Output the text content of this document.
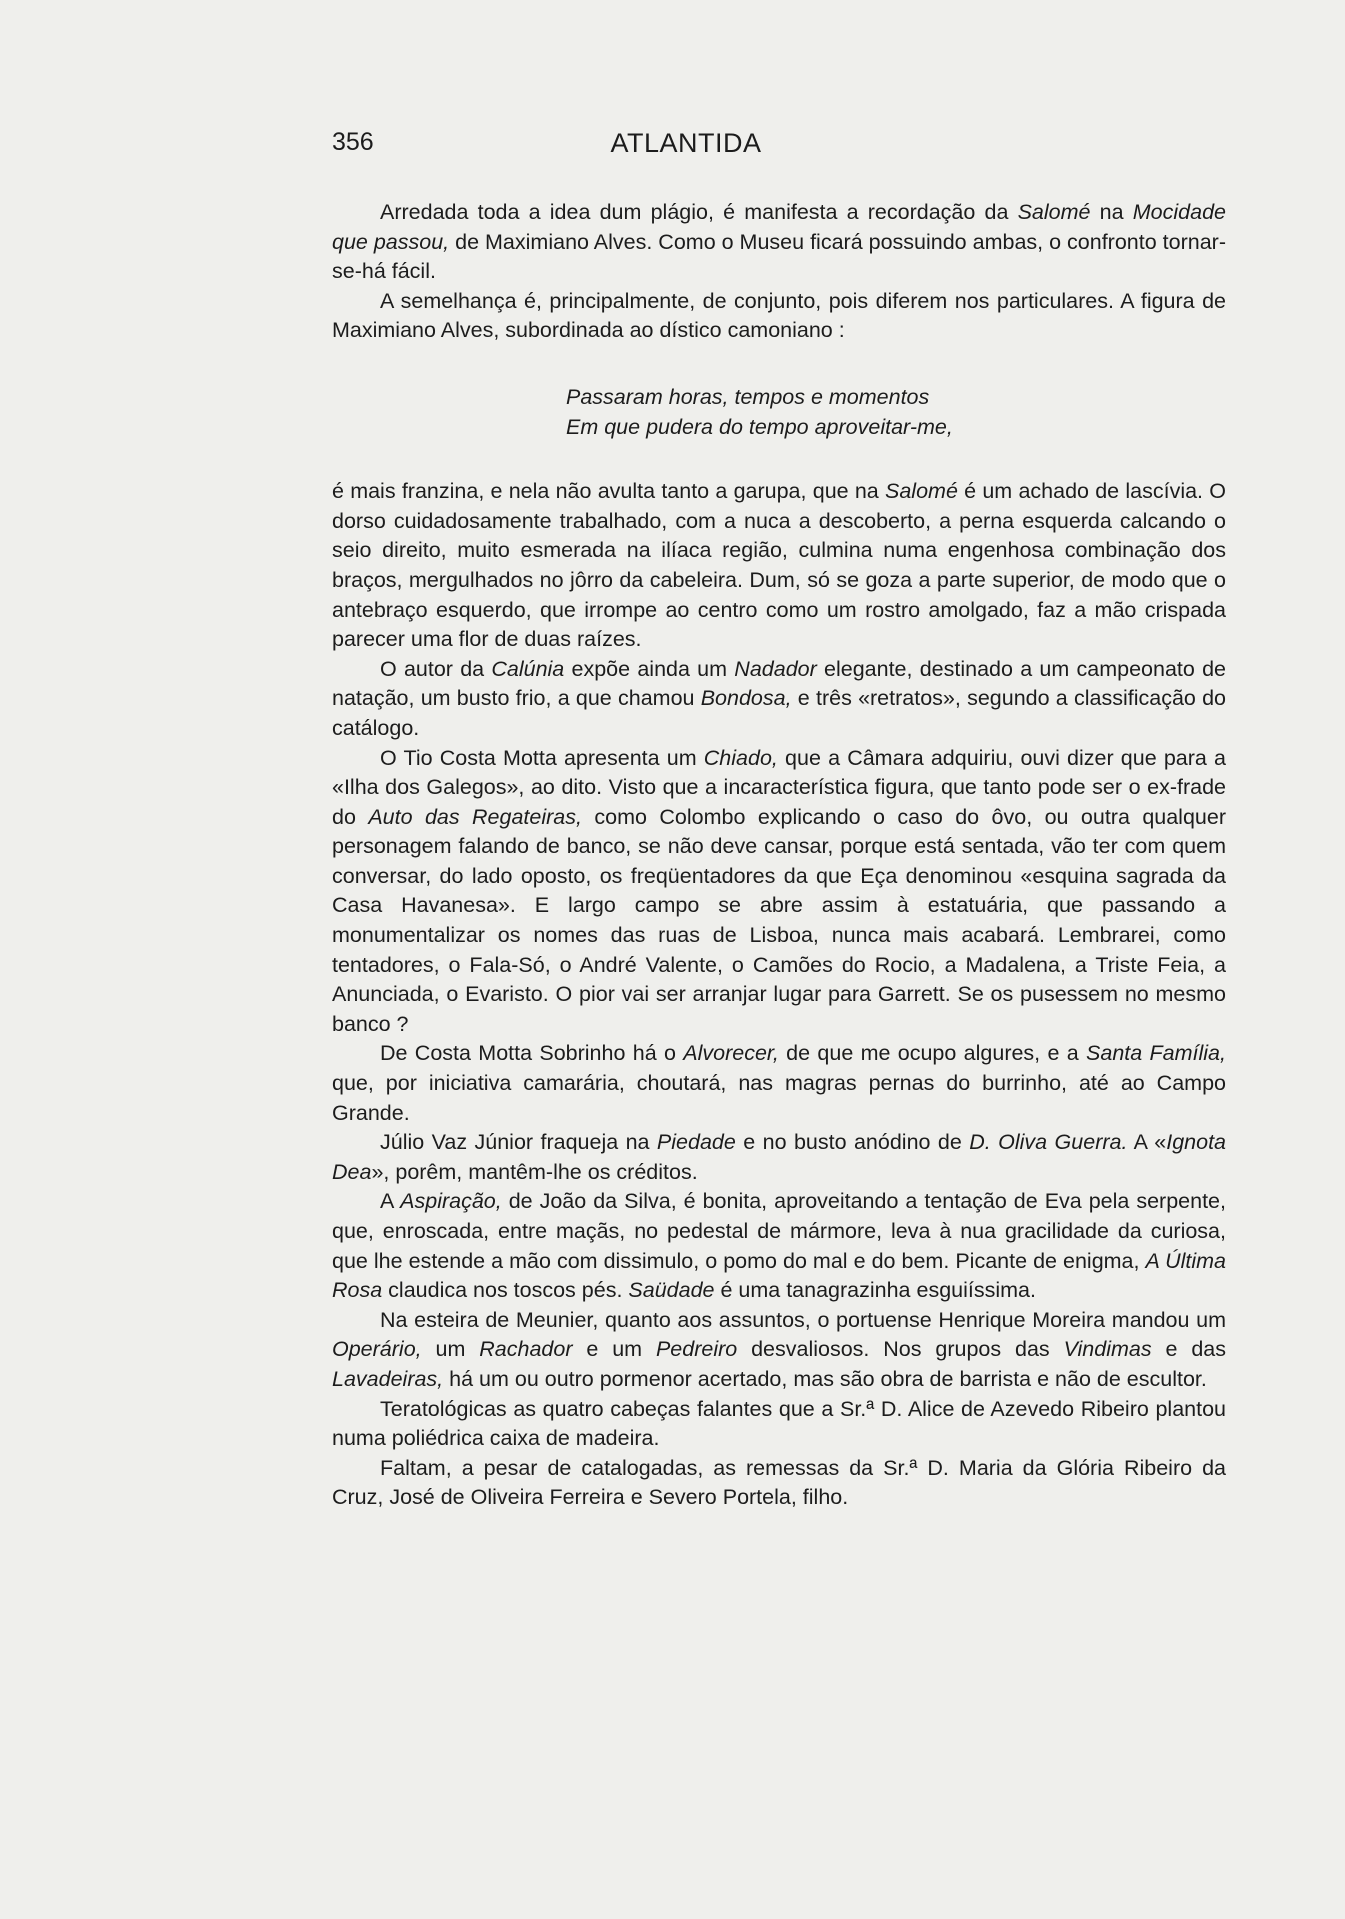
356	ATLANTIDA

Arredada toda a idea dum plágio, é manifesta a recordação da Salomé na Mocidade que passou, de Maximiano Alves. Como o Museu ficará possuindo ambas, o confronto tornar-se-há fácil.

A semelhança é, principalmente, de conjunto, pois diferem nos particulares. A figura de Maximiano Alves, subordinada ao dístico camoniano :

Passaram horas, tempos e momentos
Em que pudera do tempo aproveitar-me,

é mais franzina, e nela não avulta tanto a garupa, que na Salomé é um achado de lascívia. O dorso cuidadosamente trabalhado, com a nuca a descoberto, a perna esquerda calcando o seio direito, muito esmerada na ilíaca região, culmina numa engenhosa combinação dos braços, mergulhados no jôrro da cabeleira. Dum, só se goza a parte superior, de modo que o antebraço esquerdo, que irrompe ao centro como um rostro amolgado, faz a mão crispada parecer uma flor de duas raízes.

O autor da Calúnia expõe ainda um Nadador elegante, destinado a um campeonato de natação, um busto frio, a que chamou Bondosa, e três «retratos», segundo a classificação do catálogo.

O Tio Costa Motta apresenta um Chiado, que a Câmara adquiriu, ouvi dizer que para a «Ilha dos Galegos», ao dito. Visto que a incaracterística figura, que tanto pode ser o ex-frade do Auto das Regateiras, como Colombo explicando o caso do ôvo, ou outra qualquer personagem falando de banco, se não deve cansar, porque está sentada, vão ter com quem conversar, do lado oposto, os freqüentadores da que Eça denominou «esquina sagrada da Casa Havanesa». E largo campo se abre assim à estatuária, que passando a monumentalizar os nomes das ruas de Lisboa, nunca mais acabará. Lembrarei, como tentadores, o Fala-Só, o André Valente, o Camões do Rocio, a Madalena, a Triste Feia, a Anunciada, o Evaristo. O pior vai ser arranjar lugar para Garrett. Se os pusessem no mesmo banco ?

De Costa Motta Sobrinho há o Alvorecer, de que me ocupo algures, e a Santa Família, que, por iniciativa camarária, choutará, nas magras pernas do burrinho, até ao Campo Grande.

Júlio Vaz Júnior fraqueja na Piedade e no busto anódino de D. Oliva Guerra. A «Ignota Dea», porêm, mantêm-lhe os créditos.

A Aspiração, de João da Silva, é bonita, aproveitando a tentação de Eva pela serpente, que, enroscada, entre maçãs, no pedestal de mármore, leva à nua gracilidade da curiosa, que lhe estende a mão com dissimulo, o pomo do mal e do bem. Picante de enigma, A Última Rosa claudica nos toscos pés. Saüdade é uma tanagrazinha esguiíssima.

Na esteira de Meunier, quanto aos assuntos, o portuense Henrique Moreira mandou um Operário, um Rachador e um Pedreiro desvaliosos. Nos grupos das Vindimas e das Lavadeiras, há um ou outro pormenor acertado, mas são obra de barrista e não de escultor.

Teratológicas as quatro cabeças falantes que a Sr.ª D. Alice de Azevedo Ribeiro plantou numa poliédrica caixa de madeira.

Faltam, a pesar de catalogadas, as remessas da Sr.ª D. Maria da Glória Ribeiro da Cruz, José de Oliveira Ferreira e Severo Portela, filho.
